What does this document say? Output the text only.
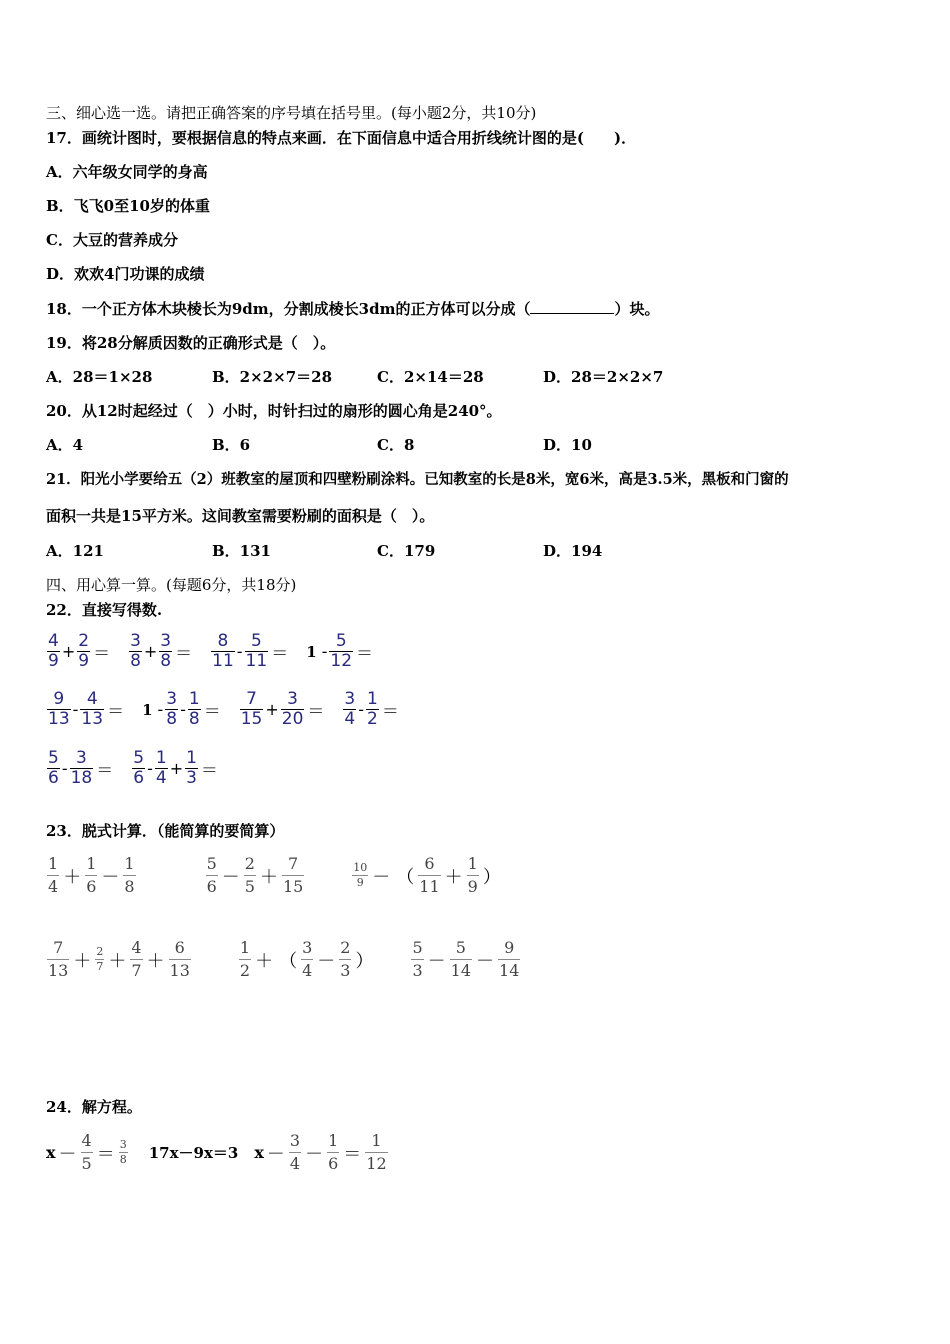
三、细心选一选。请把正确答案的序号填在括号里。(每小题2分，共10分)
17．画统计图时，要根据信息的特点来画．在下面信息中适合用折线统计图的是(　　)．
A．六年级女同学的身高
B．飞飞0至10岁的体重
C．大豆的营养成分
D．欢欢4门功课的成绩
18．一个正方体木块棱长为9dm，分割成棱长3dm的正方体可以分成（	）块。
19．将28分解质因数的正确形式是（　）。
A．28＝1×28	B．2×2×7＝28	C．2×14＝28	D．28＝2×2×7
20．从12时起经过（　）小时，时针扫过的扇形的圆心角是240°。
A．4	B．6	C．8	D．10
21．阳光小学要给五（2）班教室的屋顶和四壁粉刷涂料。已知教室的长是8米，宽6米，高是3.5米，黑板和门窗的
面积一共是15平方米。这间教室需要粉刷的面积是（　）。
A．121	B．131	C．179	D．194
四、用心算一算。(每题6分，共18分)
22．直接写得数.
$\frac{4}{9} + \frac{2}{9} = \frac{3}{8} + \frac{3}{8} = \frac{8}{11} - \frac{5}{11} = 1 - \frac{5}{12}$ ＝
$\frac{9}{13} - \frac{4}{13} = 1 - \frac{3}{8} - \frac{1}{8} = \frac{7}{15} + \frac{3}{20} = \frac{3}{4} - \frac{1}{2}$ ＝
$\frac{5}{6} - \frac{3}{18} = \frac{5}{6} - \frac{1}{4} + \frac{1}{3}$ ＝
23．脱式计算．（能简算的要简算）
$\frac{1}{4} + \frac{1}{6} - \frac{1}{8}$	$\frac{5}{6} - \frac{2}{5} + \frac{7}{15}$	$\frac{10}{9}$ － （ $\frac{6}{11} + \frac{1}{9}$ ）
$\frac{7}{13} + \frac{2}{7} + \frac{4}{7} + \frac{6}{13}$	$\frac{1}{2}$ ＋ （ $\frac{3}{4} - \frac{2}{3}$ ） $\frac{5}{3} - \frac{5}{14} - \frac{9}{14}$
24．解方程。
$x - \frac{4}{5} = \frac{3}{8} 17x-9x=3$ $x - \frac{3}{4} - \frac{1}{6} = \frac{1}{12}$
